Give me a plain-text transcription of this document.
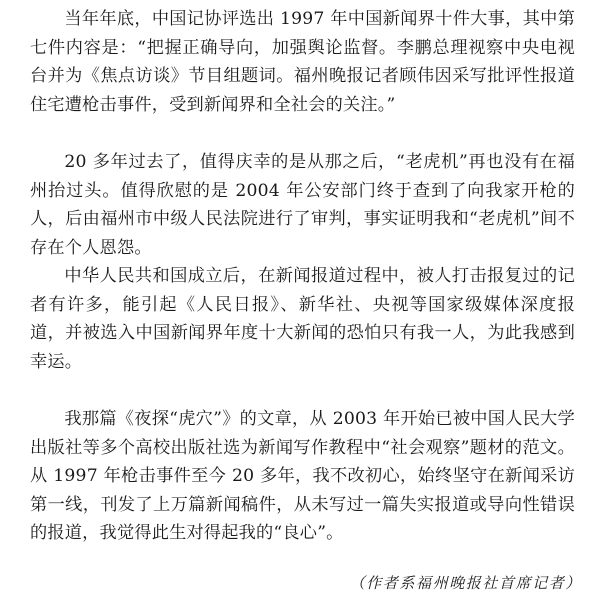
当年年底，中国记协评选出 1997 年中国新闻界十件大事，其中第七件内容是：“把握正确导向，加强舆论监督。李鹏总理视察中央电视台并为《焦点访谈》节目组题词。福州晚报记者顾伟因采写批评性报道住宅遭枪击事件，受到新闻界和全社会的关注。”

20 多年过去了，值得庆幸的是从那之后，“老虎机”再也没有在福州抬过头。值得欣慰的是 2004 年公安部门终于查到了向我家开枪的人，后由福州市中级人民法院进行了审判，事实证明我和“老虎机”间不存在个人恩怨。

中华人民共和国成立后，在新闻报道过程中，被人打击报复过的记者有许多，能引起《人民日报》、新华社、央视等国家级媒体深度报道，并被选入中国新闻界年度十大新闻的恐怕只有我一人，为此我感到幸运。

我那篇《夜探“虎穴”》的文章，从 2003 年开始已被中国人民大学出版社等多个高校出版社选为新闻写作教程中“社会观察”题材的范文。从 1997 年枪击事件至今 20 多年，我不改初心，始终坚守在新闻采访第一线，刊发了上万篇新闻稿件，从未写过一篇失实报道或导向性错误的报道，我觉得此生对得起我的“良心”。

（作者系福州晚报社首席记者）
